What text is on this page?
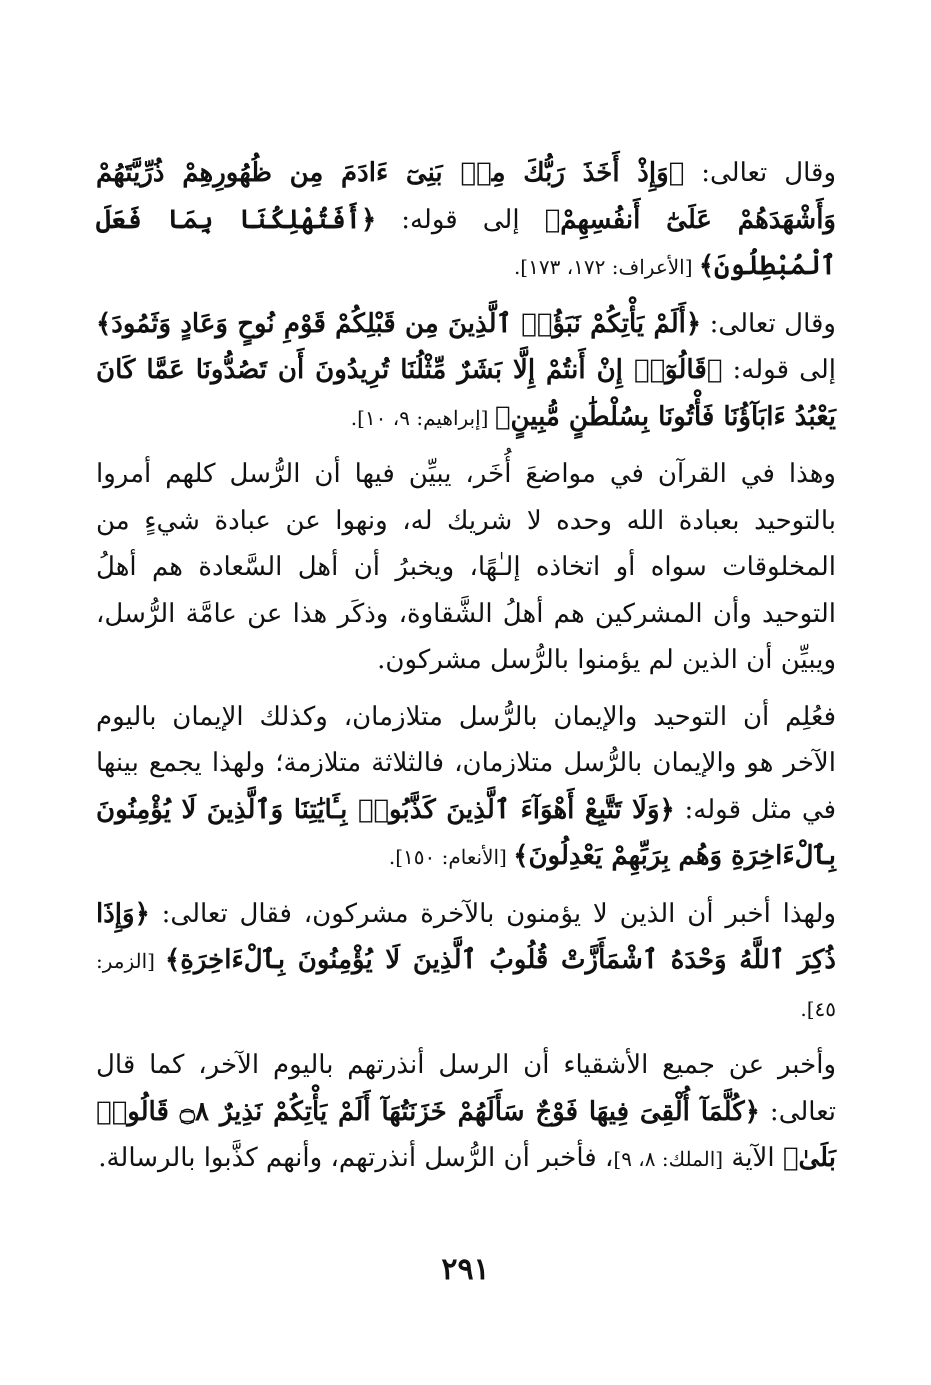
وقال تعالى: ﴿وَإِذْ أَخَذَ رَبُّكَ مِنۢ بَنِىٓ ءَادَمَ مِن ظُهُورِهِمْ ذُرِّيَّتَهُمْ وَأَشْهَدَهُمْ عَلَىٰٓ أَنفُسِهِمْ﴾ إلى قوله: ﴿أَفَتُهْلِكُنَا بِمَا فَعَلَ ٱلْمُبْطِلُونَ﴾ [الأعراف: ١٧٢، ١٧٣].

وقال تعالى: ﴿أَلَمْ يَأْتِكُمْ نَبَؤُا۟ ٱلَّذِينَ مِن قَبْلِكُمْ قَوْمِ نُوحٍ وَعَادٍ وَثَمُودَ﴾ إلى قوله: ﴿قَالُوٓا۟ إِنْ أَنتُمْ إِلَّا بَشَرٌ مِّثْلُنَا تُرِيدُونَ أَن تَصُدُّونَا عَمَّا كَانَ يَعْبُدُ ءَابَآؤُنَا فَأْتُونَا بِسُلْطَٰنٍ مُّبِينٍ﴾ [إبراهيم: ٩، ١٠].

وهذا في القرآن في مواضعَ أُخَر، يبيِّن فيها أن الرُّسل كلهم أمروا بالتوحيد بعبادة الله وحده لا شريك له، ونهوا عن عبادة شيءٍ من المخلوقات سواه أو اتخاذه إلـٰهًا، ويخبرُ أن أهل السَّعادة هم أهلُ التوحيد وأن المشركين هم أهلُ الشَّقاوة، وذكَر هذا عن عامَّة الرُّسل، ويبيِّن أن الذين لم يؤمنوا بالرُّسل مشركون.

فعُلِم أن التوحيد والإيمان بالرُّسل متلازمان، وكذلك الإيمان باليوم الآخر هو والإيمان بالرُّسل متلازمان، فالثلاثة متلازمة؛ ولهذا يجمع بينها في مثل قوله: ﴿وَلَا تَتَّبِعْ أَهْوَآءَ ٱلَّذِينَ كَذَّبُوا۟ بِـَٔايَٰتِنَا وَٱلَّذِينَ لَا يُؤْمِنُونَ بِٱلْءَاخِرَةِ وَهُم بِرَبِّهِمْ يَعْدِلُونَ﴾ [الأنعام: ١٥٠].

ولهذا أخبر أن الذين لا يؤمنون بالآخرة مشركون، فقال تعالى: ﴿وَإِذَا ذُكِرَ ٱللَّهُ وَحْدَهُ ٱشْمَأَزَّتْ قُلُوبُ ٱلَّذِينَ لَا يُؤْمِنُونَ بِٱلْءَاخِرَةِ﴾ [الزمر: ٤٥].

وأخبر عن جميع الأشقياء أن الرسل أنذرتهم باليوم الآخر، كما قال تعالى: ﴿كُلَّمَآ أُلْقِىَ فِيهَا فَوْجٌ سَأَلَهُمْ خَزَنَتُهَآ أَلَمْ يَأْتِكُمْ نَذِيرٌ ۝٨ قَالُوا۟ بَلَىٰ﴾ الآية [الملك: ٨، ٩]، فأخبر أن الرُّسل أنذرتهم، وأنهم كذَّبوا بالرسالة.

٢٩١
